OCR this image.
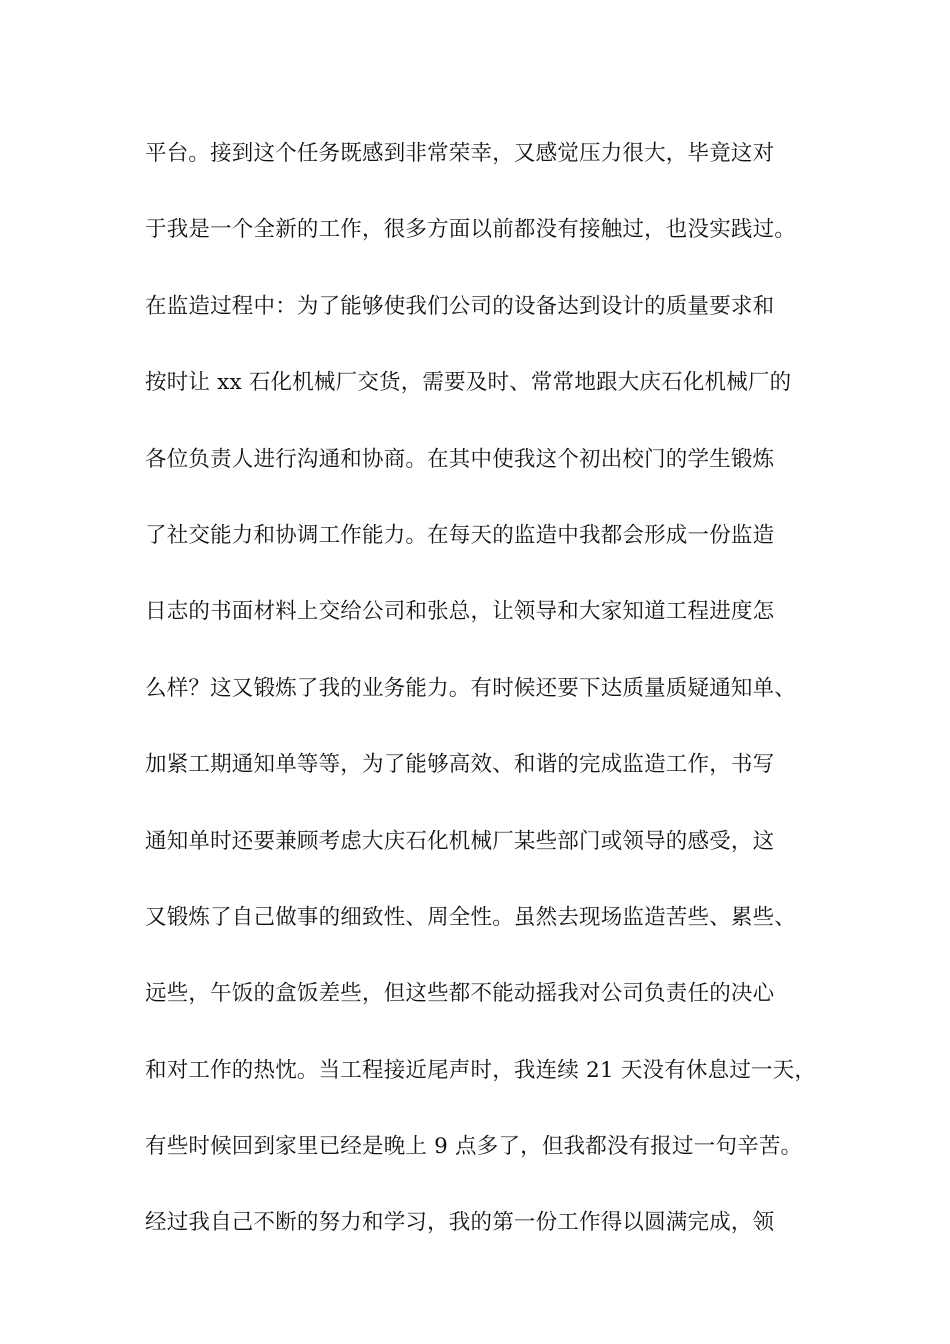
平台。接到这个任务既感到非常荣幸，又感觉压力很大，毕竟这对
于我是一个全新的工作，很多方面以前都没有接触过，也没实践过。
在监造过程中：为了能够使我们公司的设备达到设计的质量要求和
按时让 xx 石化机械厂交货，需要及时、常常地跟大庆石化机械厂的
各位负责人进行沟通和协商。在其中使我这个初出校门的学生锻炼
了社交能力和协调工作能力。在每天的监造中我都会形成一份监造
日志的书面材料上交给公司和张总，让领导和大家知道工程进度怎
么样？这又锻炼了我的业务能力。有时候还要下达质量质疑通知单、
加紧工期通知单等等，为了能够高效、和谐的完成监造工作，书写
通知单时还要兼顾考虑大庆石化机械厂某些部门或领导的感受，这
又锻炼了自己做事的细致性、周全性。虽然去现场监造苦些、累些、
远些，午饭的盒饭差些，但这些都不能动摇我对公司负责任的决心
和对工作的热忱。当工程接近尾声时，我连续 21 天没有休息过一天，
有些时候回到家里已经是晚上 9 点多了，但我都没有报过一句辛苦。
经过我自己不断的努力和学习，我的第一份工作得以圆满完成，领
